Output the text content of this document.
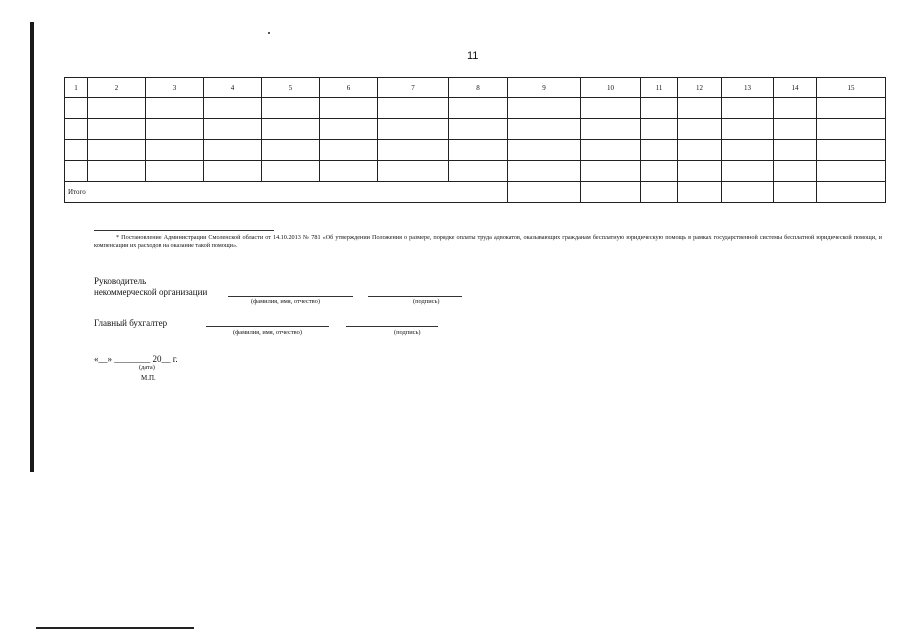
11
1	2	3	4	5	6	7	8	9	10	11	12	13	14	15

Итого														
* Постановление Администрации Смоленской области от 14.10.2013 № 781 «Об утверждении Положения о размере, порядке оплаты труда адвокатов, оказывающих гражданам бесплатную юридическую помощь в рамках государственной системы бесплатной юридической помощи, и компенсации их расходов на оказание такой помощи».
Руководитель
некоммерческой организации
(фамилия, имя, отчество)	(подпись)
Главный бухгалтер
(фамилия, имя, отчество)	(подпись)
«__» ________ 20__ г.
(дата)
М.П.
